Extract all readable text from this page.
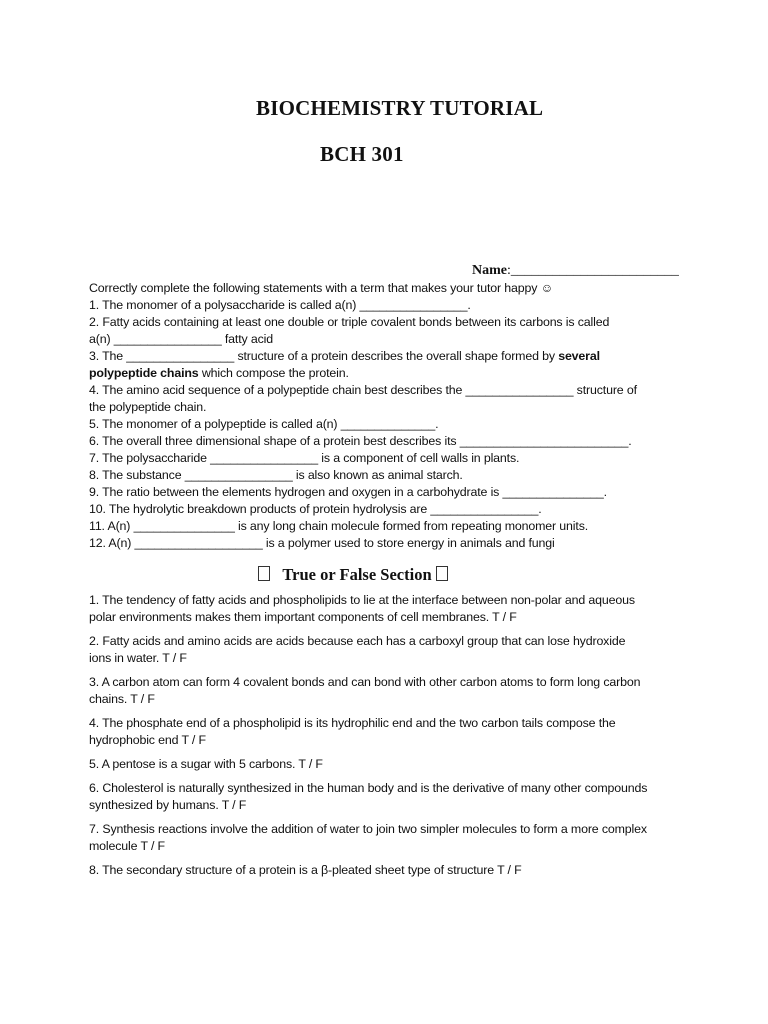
BIOCHEMISTRY TUTORIAL
BCH 301
Name:________________________
Correctly complete the following statements with a term that makes your tutor happy ☺
1. The monomer of a polysaccharide is called a(n) ________________.
2. Fatty acids containing at least one double or triple covalent bonds between its carbons is called
a(n) ________________ fatty acid
3. The ________________ structure of a protein describes the overall shape formed by several
polypeptide chains which compose the protein.
4. The amino acid sequence of a polypeptide chain best describes the ________________ structure of
the polypeptide chain.
5. The monomer of a polypeptide is called a(n) ______________.
6. The overall three dimensional shape of a protein best describes its _________________________.
7. The polysaccharide ________________ is a component of cell walls in plants.
8. The substance ________________ is also known as animal starch.
9. The ratio between the elements hydrogen and oxygen in a carbohydrate is _______________.
10. The hydrolytic breakdown products of protein hydrolysis are ________________.
11. A(n) _______________ is any long chain molecule formed from repeating monomer units.
12. A(n) ___________________ is a polymer used to store energy in animals and fungi
True or False Section
1. The tendency of fatty acids and phospholipids to lie at the interface between non-polar and aqueous polar environments makes them important components of cell membranes. T / F
2. Fatty acids and amino acids are acids because each has a carboxyl group that can lose hydroxide ions in water. T / F
3. A carbon atom can form 4 covalent bonds and can bond with other carbon atoms to form long carbon chains. T / F
4. The phosphate end of a phospholipid is its hydrophilic end and the two carbon tails compose the hydrophobic end T / F
5. A pentose is a sugar with 5 carbons. T / F
6. Cholesterol is naturally synthesized in the human body and is the derivative of many other compounds synthesized by humans. T / F
7. Synthesis reactions involve the addition of water to join two simpler molecules to form a more complex molecule T / F
8. The secondary structure of a protein is a β-pleated sheet type of structure T / F
